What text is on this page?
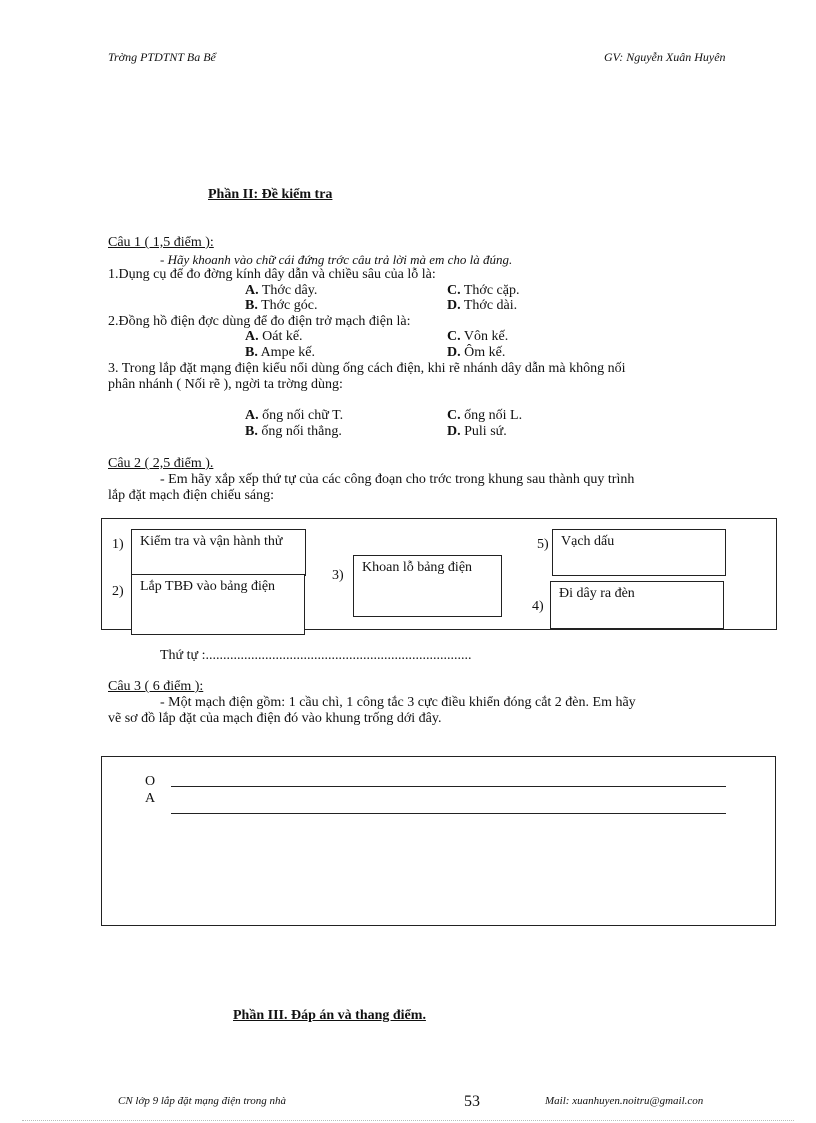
Trờng PTDTNT Ba Bể	GV: Nguyễn Xuân Huyên
Phần II: Đề kiểm tra
Câu 1 ( 1,5 điểm ):
- Hãy khoanh vào chữ cái đứng trớc câu trả lời mà em cho là đúng.
1.Dụng cụ để đo đờng kính dây dẫn và chiều sâu của lỗ là:
A. Thớc dây.	C. Thớc cặp.
B. Thớc góc.	D. Thớc dài.
2.Đồng hồ điện đợc dùng để đo điện trở mạch điện là:
A. Oát kế.	C. Vôn kế.
B. Ampe kế.	D. Ôm kế.
3. Trong lắp đặt mạng điện kiểu nổi dùng ống cách điện, khi rẽ nhánh dây dẫn mà không nối
phân nhánh ( Nối rẽ ), ngời ta trờng dùng:
A. ống nối chữ T.	C. ống nối L.
B. ống nối thẳng.	D. Puli sứ.
Câu 2 ( 2,5 điểm ).
- Em hãy xắp xếp thứ tự của các công đoạn cho trớc trong khung sau thành quy trình
lắp đặt mạch điện chiếu sáng:
1)	Kiểm tra và vận hành thử
2)	Lắp TBĐ vào bảng điện
3)
Khoan lỗ bảng điện
5) Vạch dấu
4)
Đi dây ra đèn
Thứ tự :............................................................................
Câu 3 ( 6 điểm ):
- Một mạch điện gồm: 1 cầu chì, 1 công tắc 3 cực điều khiển đóng cắt 2 đèn. Em hãy
vẽ sơ đồ lắp đặt của mạch điện đó vào khung trống dới đây.
O
A
Phần III. Đáp án và thang điểm.
CN lớp 9 lắp đặt mạng điện trong nhà	53	Mail: xuanhuyen.noitru@gmail.con
